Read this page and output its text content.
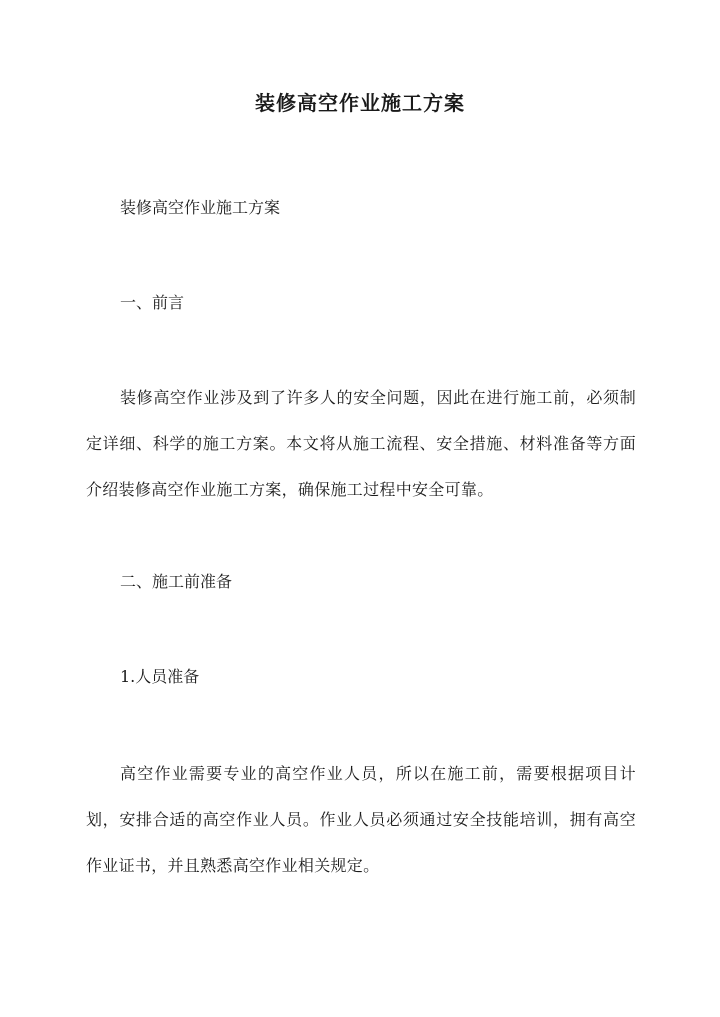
装修高空作业施工方案

装修高空作业施工方案

一、前言

装修高空作业涉及到了许多人的安全问题，因此在进行施工前，必须制定详细、科学的施工方案。本文将从施工流程、安全措施、材料准备等方面介绍装修高空作业施工方案，确保施工过程中安全可靠。

二、施工前准备

1.人员准备

高空作业需要专业的高空作业人员，所以在施工前，需要根据项目计划，安排合适的高空作业人员。作业人员必须通过安全技能培训，拥有高空作业证书，并且熟悉高空作业相关规定。
